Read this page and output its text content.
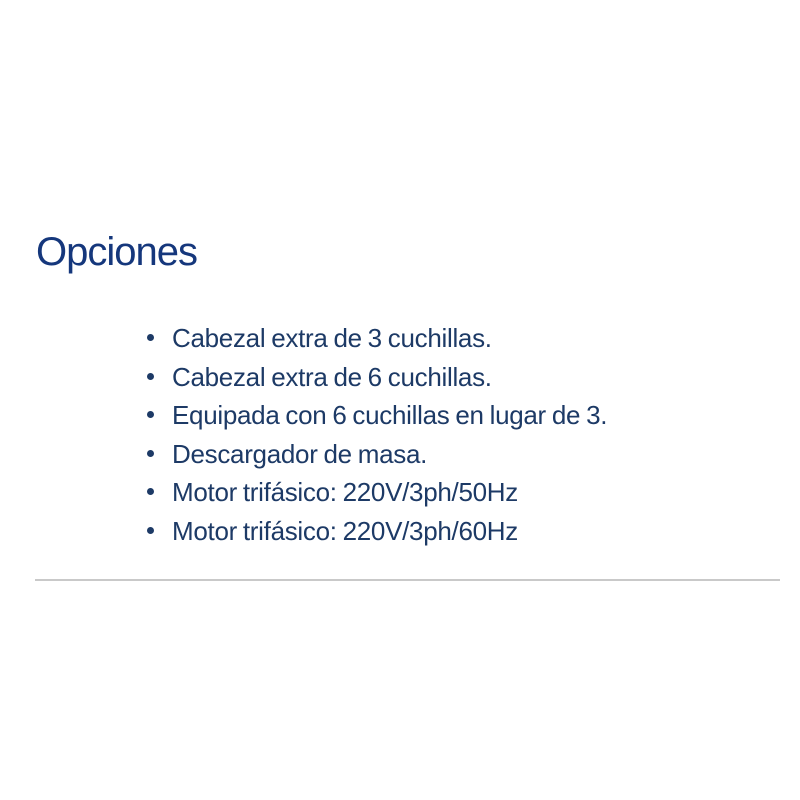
Opciones
Cabezal extra de 3 cuchillas.
Cabezal extra de 6 cuchillas.
Equipada con 6 cuchillas en lugar de 3.
Descargador de masa.
Motor trifásico: 220V/3ph/50Hz
Motor trifásico: 220V/3ph/60Hz
